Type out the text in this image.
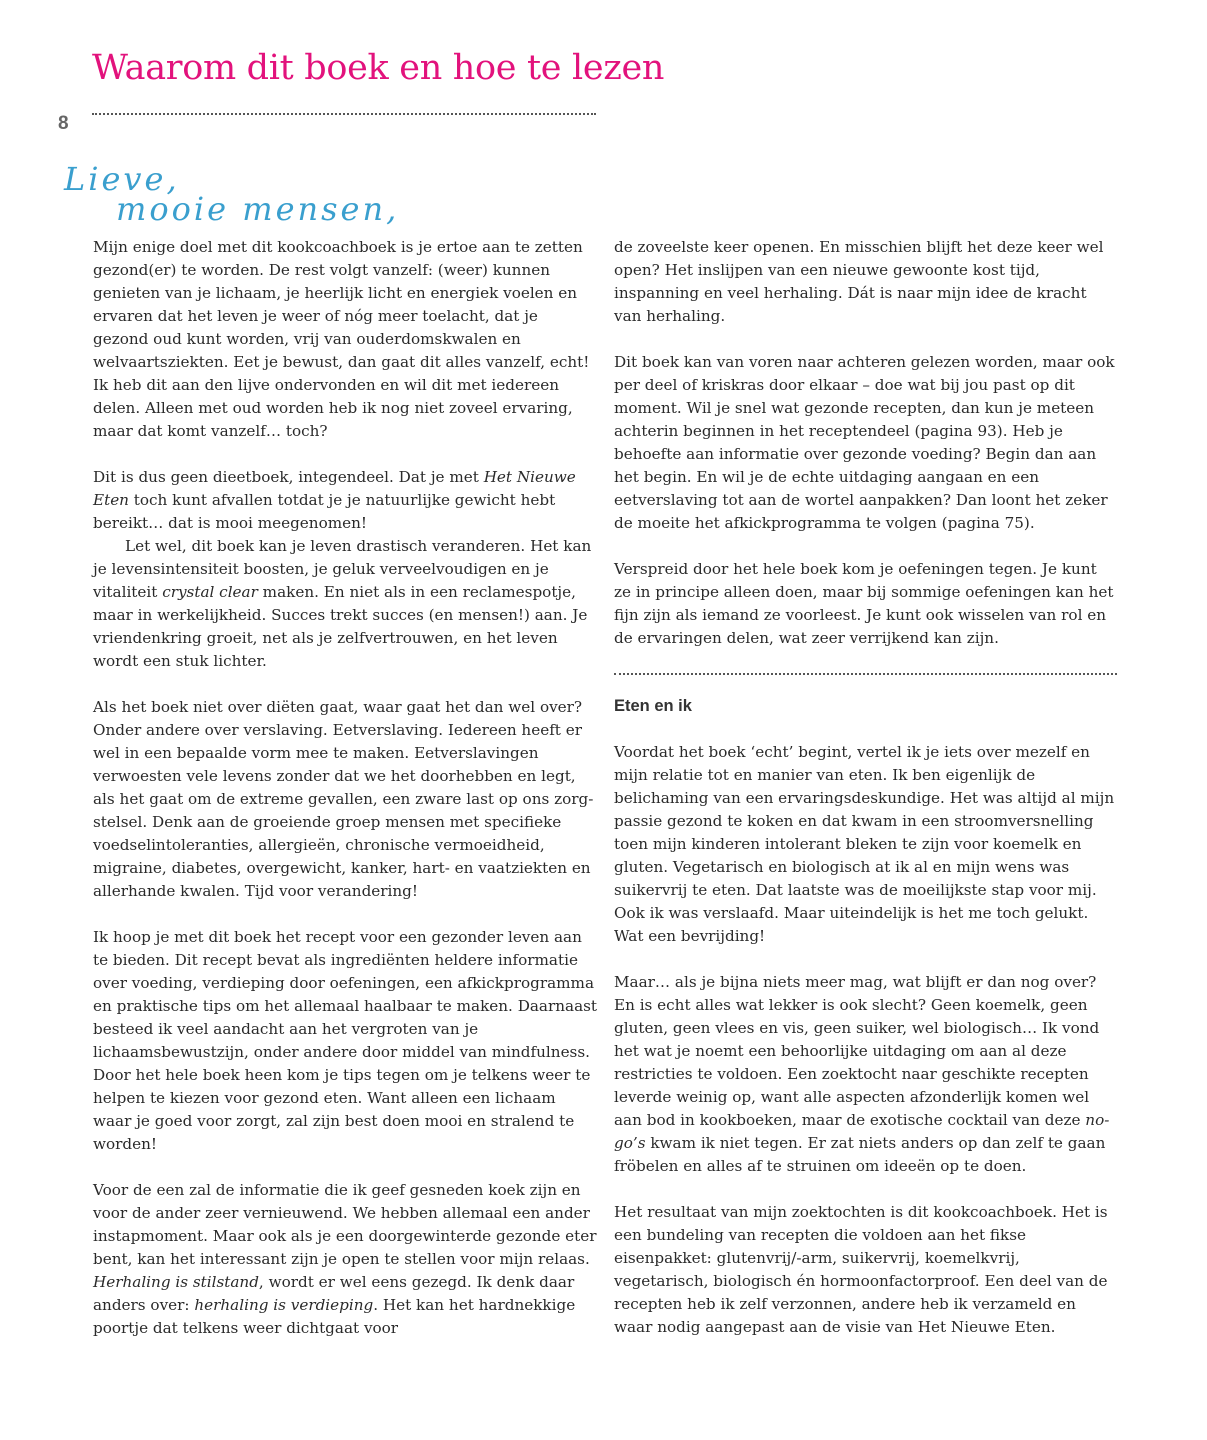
Waarom dit boek en hoe te lezen
8
Lieve,
mooie mensen,

Mijn enige doel met dit kookcoachboek is je ertoe aan te zetten gezond(er) te worden. De rest volgt vanzelf: (weer) kunnen genieten van je lichaam, je heerlijk licht en energiek voelen en ervaren dat het leven je weer of nóg meer toelacht, dat je gezond oud kunt worden, vrij van ouderdomskwalen en welvaartsziekten. Eet je bewust, dan gaat dit alles vanzelf, echt! Ik heb dit aan den lijve ondervonden en wil dit met iedereen delen. Alleen met oud worden heb ik nog niet zoveel ervaring, maar dat komt vanzelf… toch?

Dit is dus geen dieetboek, integendeel. Dat je met Het Nieuwe Eten toch kunt afvallen totdat je je natuurlijke gewicht hebt bereikt… dat is mooi meegenomen!

Let wel, dit boek kan je leven drastisch veranderen. Het kan je levensintensiteit boosten, je geluk verveelvoudigen en je vitaliteit crystal clear maken. En niet als in een reclamespotje, maar in werkelijkheid. Succes trekt succes (en mensen!) aan. Je vriendenkring groeit, net als je zelfvertrouwen, en het leven wordt een stuk lichter.

Als het boek niet over diëten gaat, waar gaat het dan wel over? Onder andere over verslaving. Eetverslaving. Iedereen heeft er wel in een bepaalde vorm mee te maken. Eetverslavingen verwoesten vele levens zonder dat we het doorhebben en legt, als het gaat om de extreme gevallen, een zware last op ons zorgstelsel. Denk aan de groeiende groep mensen met specifieke voedselintoleranties, allergieën, chronische vermoeidheid, migraine, diabetes, overgewicht, kanker, hart- en vaatziekten en allerhande kwalen. Tijd voor verandering!

Ik hoop je met dit boek het recept voor een gezonder leven aan te bieden. Dit recept bevat als ingrediënten heldere informatie over voeding, verdieping door oefeningen, een afkickprogramma en praktische tips om het allemaal haalbaar te maken. Daarnaast besteed ik veel aandacht aan het vergroten van je lichaamsbewustzijn, onder andere door middel van mindfulness. Door het hele boek heen kom je tips tegen om je telkens weer te helpen te kiezen voor gezond eten. Want alleen een lichaam waar je goed voor zorgt, zal zijn best doen mooi en stralend te worden!

Voor de een zal de informatie die ik geef gesneden koek zijn en voor de ander zeer vernieuwend. We hebben allemaal een ander instapmoment. Maar ook als je een doorgewinterde gezonde eter bent, kan het interessant zijn je open te stellen voor mijn relaas. Herhaling is stilstand, wordt er wel eens gezegd. Ik denk daar anders over: herhaling is verdieping. Het kan het hardnekkige poortje dat telkens weer dichtgaat voor

de zoveelste keer openen. En misschien blijft het deze keer wel open? Het inslijpen van een nieuwe gewoonte kost tijd, inspanning en veel herhaling. Dát is naar mijn idee de kracht van herhaling.

Dit boek kan van voren naar achteren gelezen worden, maar ook per deel of kriskras door elkaar – doe wat bij jou past op dit moment. Wil je snel wat gezonde recepten, dan kun je meteen achterin beginnen in het receptendeel (pagina 93). Heb je behoefte aan informatie over gezonde voeding? Begin dan aan het begin. En wil je de echte uitdaging aangaan en een eetverslaving tot aan de wortel aanpakken? Dan loont het zeker de moeite het afkickprogramma te volgen (pagina 75).

Verspreid door het hele boek kom je oefeningen tegen. Je kunt ze in principe alleen doen, maar bij sommige oefeningen kan het fijn zijn als iemand ze voorleest. Je kunt ook wisselen van rol en de ervaringen delen, wat zeer verrijkend kan zijn.

Eten en ik

Voordat het boek ‘echt’ begint, vertel ik je iets over mezelf en mijn relatie tot en manier van eten. Ik ben eigenlijk de belichaming van een ervaringsdeskundige. Het was altijd al mijn passie gezond te koken en dat kwam in een stroomversnelling toen mijn kinderen intolerant bleken te zijn voor koemelk en gluten. Vegetarisch en biologisch at ik al en mijn wens was suikervrij te eten. Dat laatste was de moeilijkste stap voor mij. Ook ik was verslaafd. Maar uiteindelijk is het me toch gelukt. Wat een bevrijding!

Maar… als je bijna niets meer mag, wat blijft er dan nog over? En is echt alles wat lekker is ook slecht? Geen koemelk, geen gluten, geen vlees en vis, geen suiker, wel biologisch… Ik vond het wat je noemt een behoorlijke uitdaging om aan al deze restricties te voldoen. Een zoektocht naar geschikte recepten leverde weinig op, want alle aspecten afzonderlijk komen wel aan bod in kookboeken, maar de exotische cocktail van deze no-go’s kwam ik niet tegen. Er zat niets anders op dan zelf te gaan fröbelen en alles af te struinen om ideeën op te doen.

Het resultaat van mijn zoektochten is dit kookcoachboek. Het is een bundeling van recepten die voldoen aan het fikse eisenpakket: glutenvrij/-arm, suikervrij, koemelkvrij, vegetarisch, biologisch én hormoonfactorproof. Een deel van de recepten heb ik zelf verzonnen, andere heb ik verzameld en waar nodig aangepast aan de visie van Het Nieuwe Eten.
